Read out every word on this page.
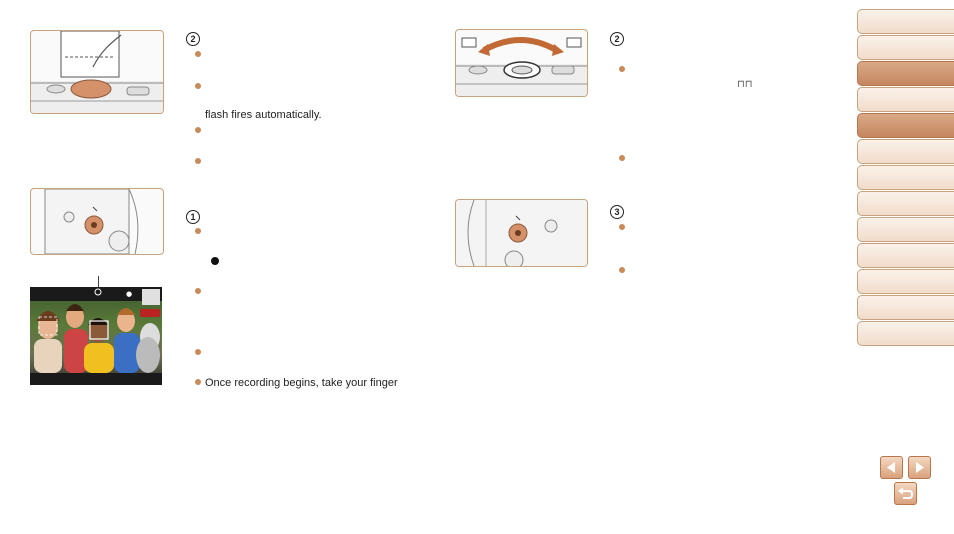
2
flash fires automatically.
1
●
Once recording begins, take your finger
2
⊓⊓
3
